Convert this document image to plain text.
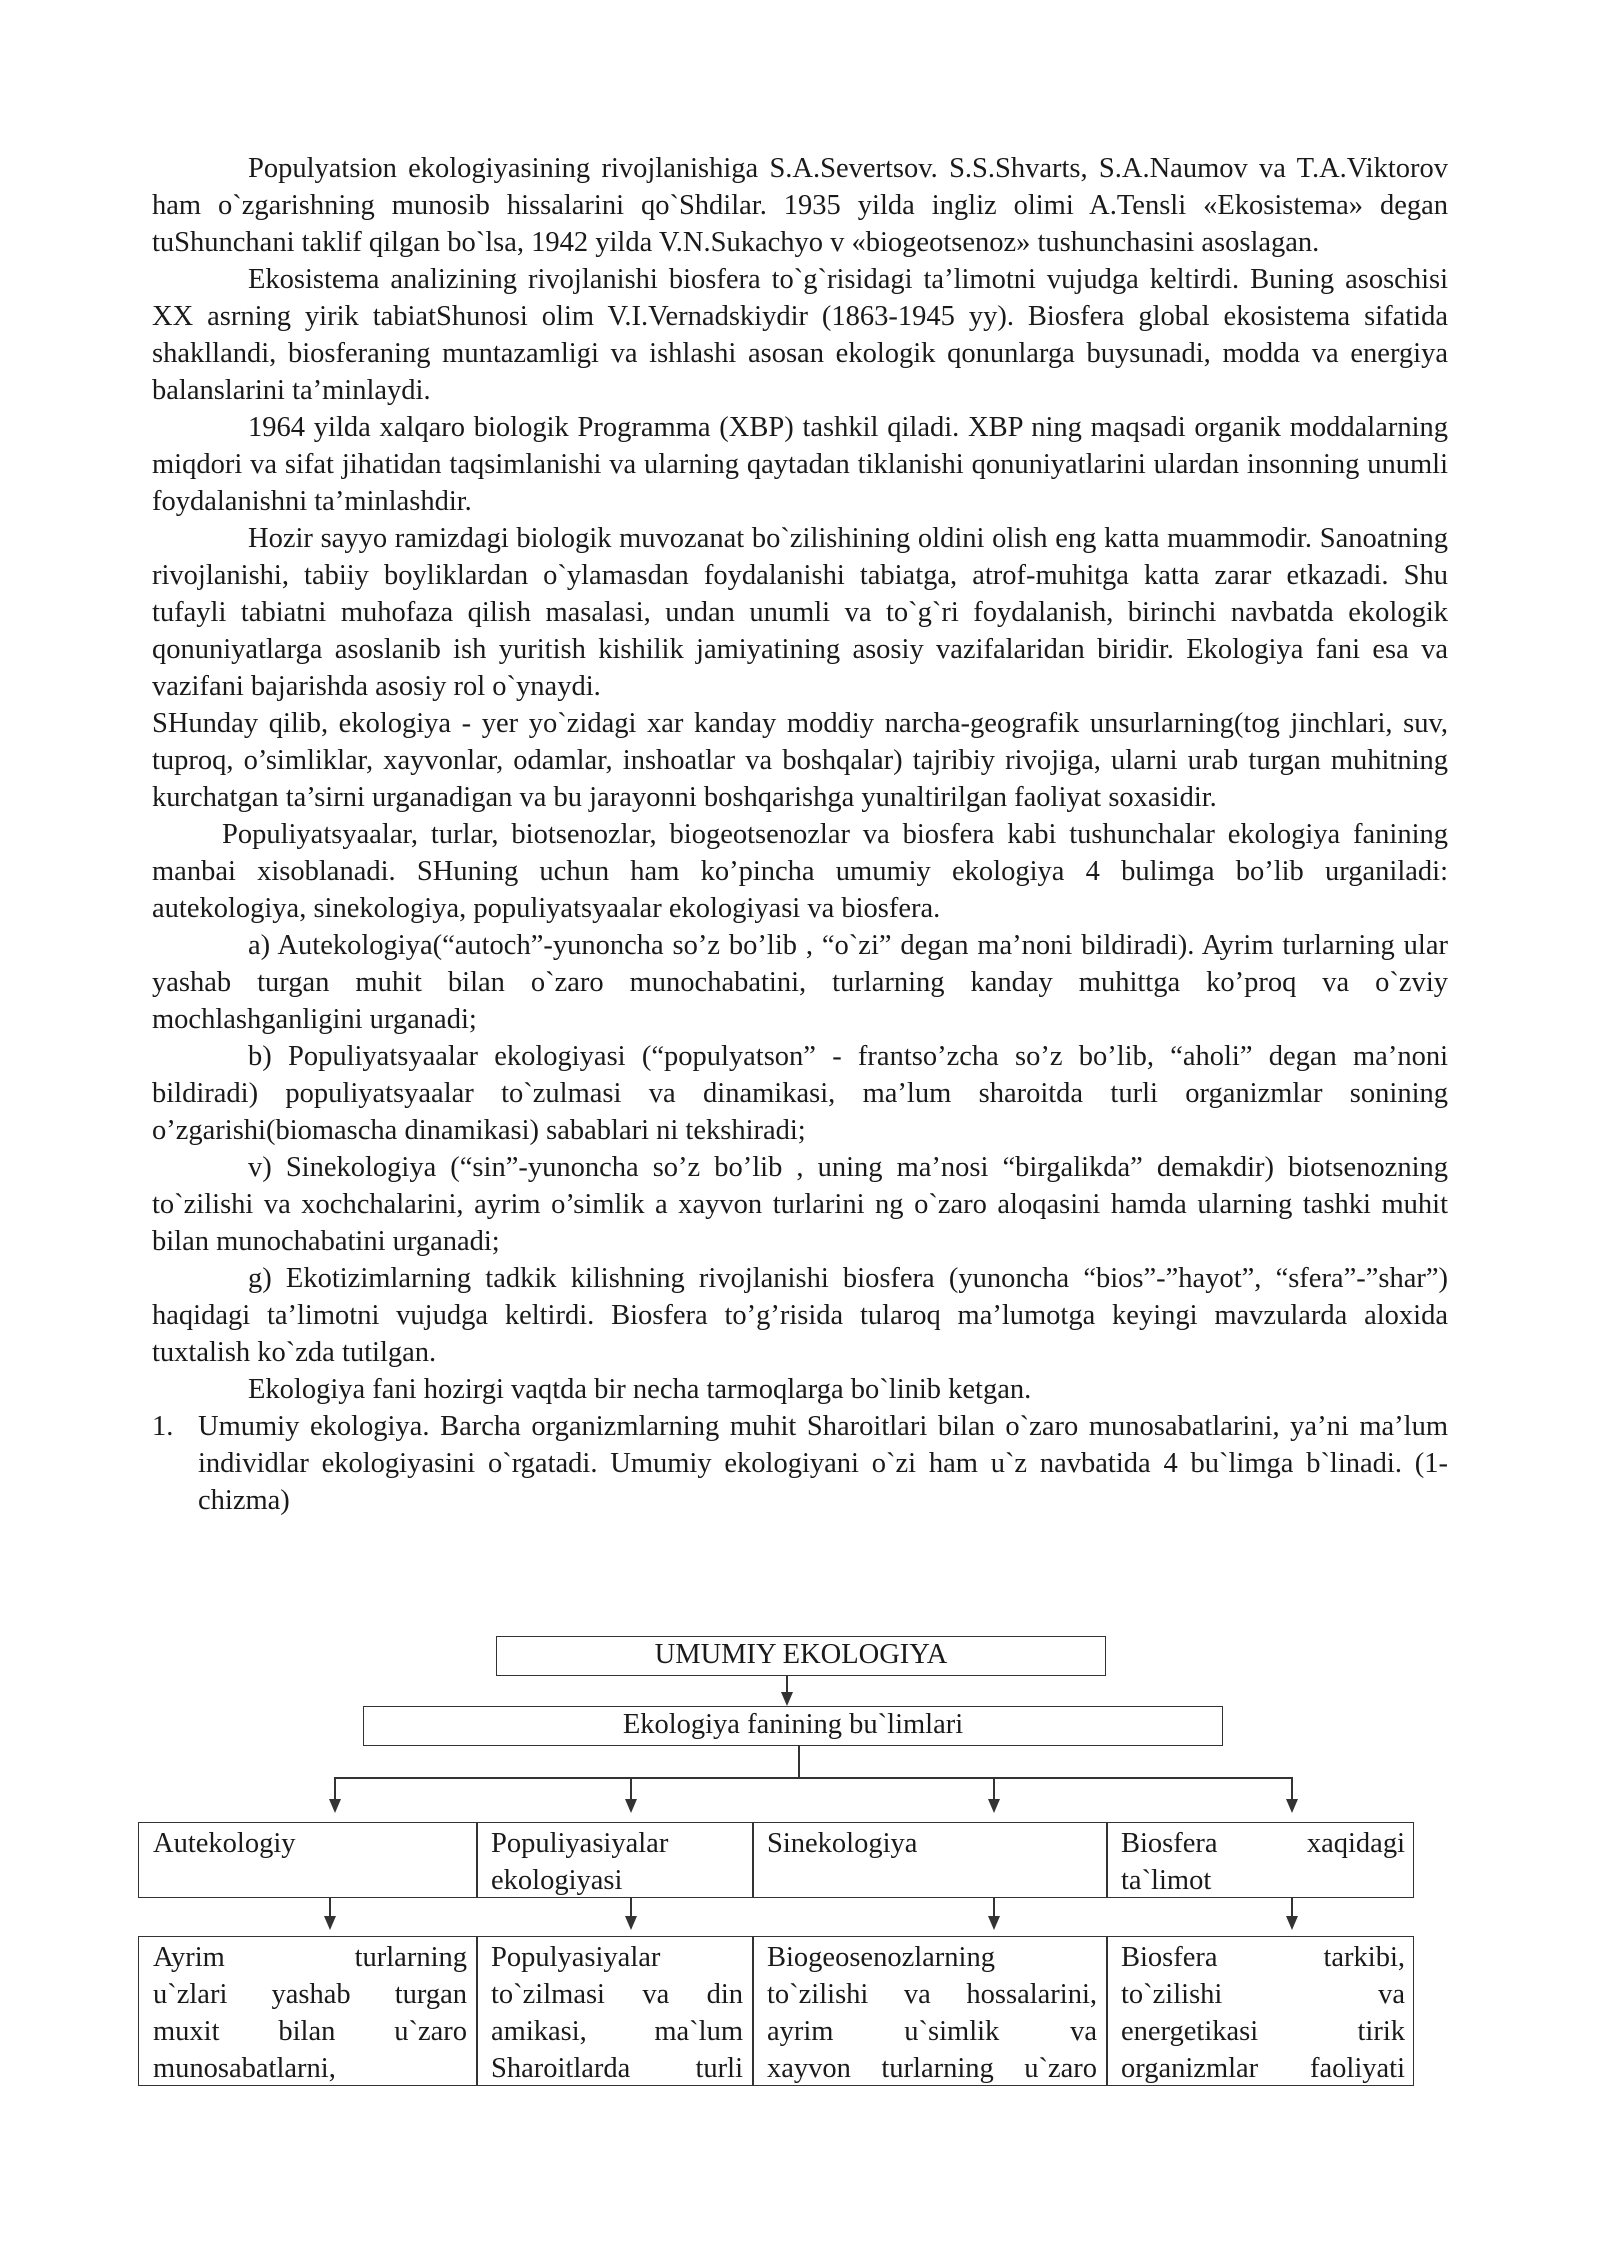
Populyatsion ekologiyasining rivojlanishiga S.A.Severtsov. S.S.Shvarts, S.A.Naumov va T.A.Viktorov ham o`zgarishning munosib hissalarini qo`Shdilar. 1935 yilda ingliz olimi A.Tensli «Ekosistema» degan tuShunchani taklif qilgan bo`lsa, 1942 yilda V.N.Sukachyo v «biogeotsenoz» tushunchasini asoslagan.

Ekosistema analizining rivojlanishi biosfera to`g`risidagi ta’limotni vujudga keltirdi. Buning asoschisi XX asrning yirik tabiatShunosi olim V.I.Vernadskiydir (1863-1945 yy). Biosfera global ekosistema sifatida shakllandi, biosferaning muntazamligi va ishlashi asosan ekologik qonunlarga buysunadi, modda va energiya balanslarini ta’minlaydi.

1964 yilda xalqaro biologik Programma (XBP) tashkil qiladi. XBP ning maqsadi organik moddalarning miqdori va sifat jihatidan taqsimlanishi va ularning qaytadan tiklanishi qonuniyatlarini ulardan insonning unumli foydalanishni ta’minlashdir.

Hozir sayyo ramizdagi biologik muvozanat bo`zilishining oldini olish eng katta muammodir. Sanoatning rivojlanishi, tabiiy boyliklardan o`ylamasdan foydalanishi tabiatga, atrof-muhitga katta zarar etkazadi. Shu tufayli tabiatni muhofaza qilish masalasi, undan unumli va to`g`ri foydalanish, birinchi navbatda ekologik qonuniyatlarga asoslanib ish yuritish kishilik jamiyatining asosiy vazifalaridan biridir. Ekologiya fani esa va vazifani bajarishda asosiy rol o`ynaydi.

SHunday qilib, ekologiya - yer yo`zidagi xar kanday moddiy narcha-geografik unsurlarning(tog jinchlari, suv, tuproq, o’simliklar, xayvonlar, odamlar, inshoatlar va boshqalar) tajribiy rivojiga, ularni urab turgan muhitning kurchatgan ta’sirni urganadigan va bu jarayonni boshqarishga yunaltirilgan faoliyat soxasidir.

Populiyatsyaalar, turlar, biotsenozlar, biogeotsenozlar va biosfera kabi tushunchalar ekologiya fanining manbai xisoblanadi. SHuning uchun ham ko’pincha umumiy ekologiya 4 bulimga bo’lib urganiladi: autekologiya, sinekologiya, populiyatsyaalar ekologiyasi va biosfera.

a) Autekologiya(“autoch”-yunoncha so’z bo’lib , “o`zi” degan ma’noni bildiradi). Ayrim turlarning ular yashab turgan muhit bilan o`zaro munochabatini, turlarning kanday muhittga ko’proq va o`zviy mochlashganligini urganadi;

b) Populiyatsyaalar ekologiyasi (“populyatson” - frantso’zcha so’z bo’lib, “aholi” degan ma’noni bildiradi) populiyatsyaalar to`zulmasi va dinamikasi, ma’lum sharoitda turli organizmlar sonining o’zgarishi(biomascha dinamikasi) sabablari ni tekshiradi;

v) Sinekologiya (“sin”-yunoncha so’z bo’lib , uning ma’nosi “birgalikda” demakdir) biotsenozning to`zilishi va xochchalarini, ayrim o’simlik a xayvon turlarini ng o`zaro aloqasini hamda ularning tashki muhit bilan munochabatini urganadi;

g) Ekotizimlarning tadkik kilishning rivojlanishi biosfera (yunoncha “bios”-”hayot”, “sfera”-”shar”) haqidagi ta’limotni vujudga keltirdi. Biosfera to’g’risida tularoq ma’lumotga keyingi mavzularda aloxida tuxtalish ko`zda tutilgan.

Ekologiya fani hozirgi vaqtda bir necha tarmoqlarga bo`linib ketgan.

1. Umumiy ekologiya. Barcha organizmlarning muhit Sharoitlari bilan o`zaro munosabatlarini, ya’ni ma’lum individlar ekologiyasini o`rgatadi. Umumiy ekologiyani o`zi ham u`z navbatida 4 bu`limga b`linadi. (1-chizma)
UMUMIY EKOLOGIYA
Ekologiya fanining bu`limlari
Autekologiy	Populiyasiyalar
ekologiyasi
Sinekologiya	Biosfera xaqidagi
ta`limot
Ayrim turlarning
u`zlari yashab turgan
muxit bilan u`zaro
munosabatlarni,
Populyasiyalar
to`zilmasi va din
amikasi, ma`lum
Sharoitlarda turli
Biogeosenozlarning
to`zilishi va hossalarini,
ayrim u`simlik va
xayvon turlarning u`zaro
Biosfera tarkibi,
to`zilishi va
energetikasi tirik
organizmlar faoliyati
